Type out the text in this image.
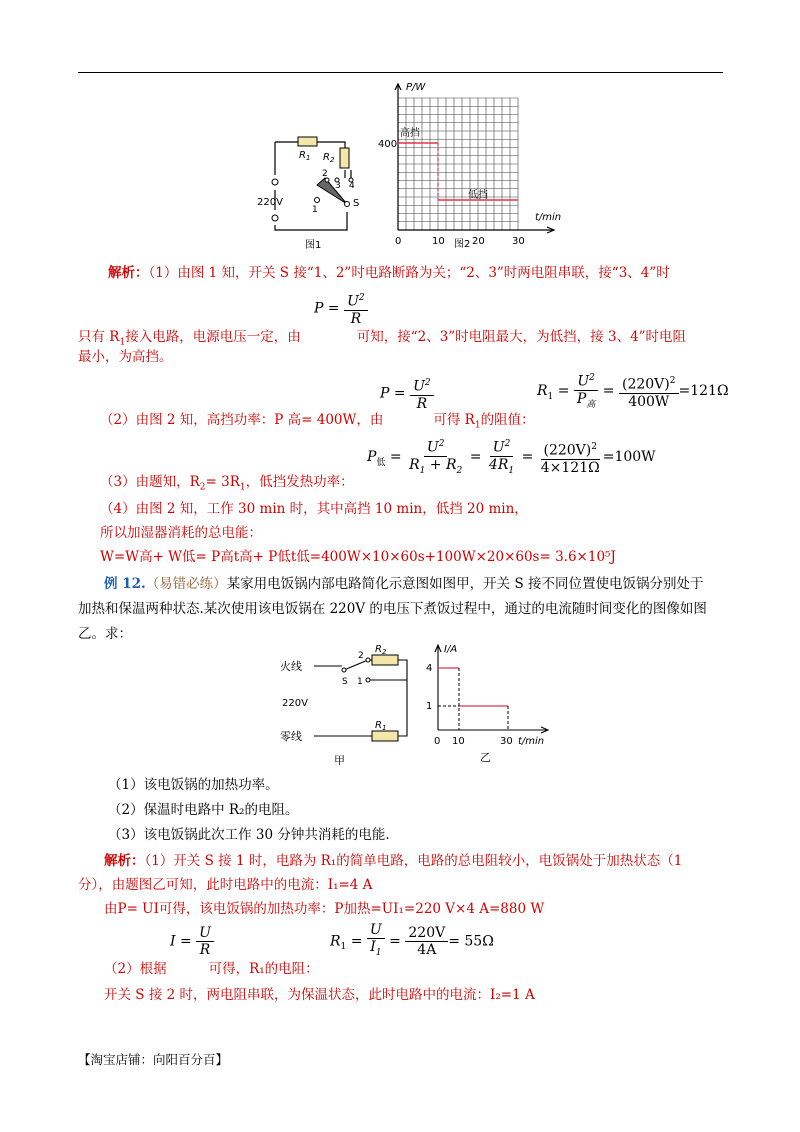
$R_1$ $R_2$
220V
2
3 4
1
S
图1
P/W
t/min
400
0	10	20	30
高挡
低挡
图2
解析：（1）由图 1 知，开关 S 接“1、2”时电路断路为关；“2、3”时两电阻串联，接“3、4”时
$P = \frac{U^2}{R}$
只有 $R_1$接入电路，电源电压一定，由	可知，接“2、3”时电阻最大，为低挡，接 3、4”时电阻
最小，为高挡。
$P = \frac{U^2}{R}$	$R_1 = \frac{U^2}{P_高} = \frac{(220V)^2}{400W} =121\Omega$
（2）由图 2 知，高挡功率：P 高= 400W，由	可得 $R_1$的阻值：
$P_低 = \frac{U^2}{R_1 + R_2} = \frac{U^2}{4R_1} = \frac{(220V)^2}{4\times 121\Omega} =100W$
（3）由题知，$R_2= 3R_1$，低挡发热功率：
（4）由图 2 知，工作 30 min 时，其中高挡 10 min，低挡 20 min，
所以加湿器消耗的总电能：
W=W高+ W低= P高t高+ P低t低=400W×10×60s+100W×20×60s= 3.6×10⁵J
例 12.（易错必练）某家用电饭锅内部电路简化示意图如图甲，开关 S 接不同位置使电饭锅分别处于
加热和保温两种状态.某次使用该电饭锅在 220V 的电压下煮饭过程中，通过的电流随时间变化的图像如图
乙。求：
火线
220V
零线
$R_2$
$R_1$
2
S 1
甲
I/A
t/min
4
1
0 10	30
乙
（1）该电饭锅的加热功率。
（2）保温时电路中 R₂的电阻。
（3）该电饭锅此次工作 30 分钟共消耗的电能.
解析：（1）开关 S 接 1 时，电路为 R₁的简单电路，电路的总电阻较小，电饭锅处于加热状态（1
分），由题图乙可知，此时电路中的电流：I₁=4 A
由P= UI可得，该电饭锅的加热功率：P加热=UI₁=220 V×4 A=880 W
$I = \frac{U}{R}$	$R_1 = \frac{U}{I_1} = \frac{220V}{4A} = 55\Omega$
（2）根据	可得，R₁的电阻：
开关 S 接 2 时，两电阻串联，为保温状态，此时电路中的电流：I₂=1 A
【淘宝店铺：向阳百分百】
